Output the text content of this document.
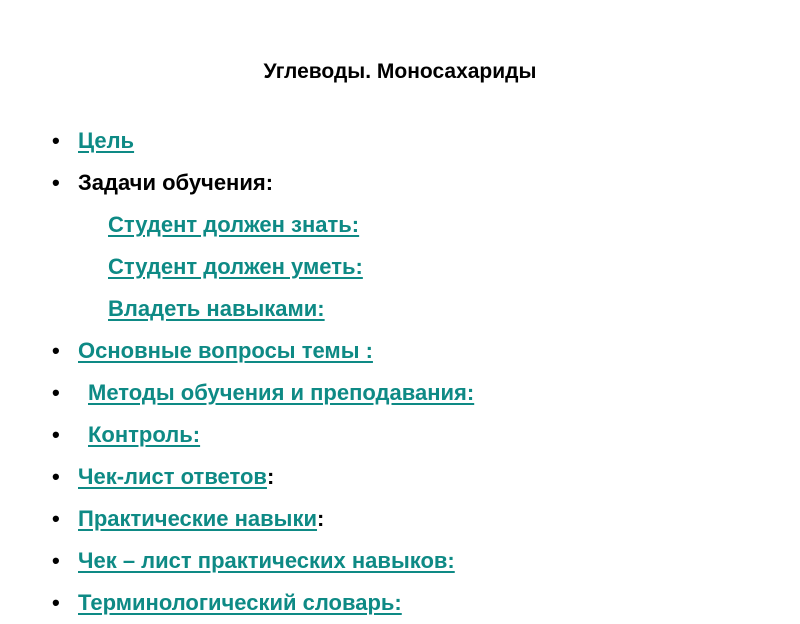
Углеводы. Моносахариды
• Цель
• Задачи обучения:
Студент должен знать:
Студент должен уметь:
Владеть навыками:
• Основные вопросы темы :
• Методы обучения и преподавания:
• Контроль:
• Чек-лист ответов:
• Практические навыки:
• Чек – лист практических навыков:
• Терминологический словарь:
